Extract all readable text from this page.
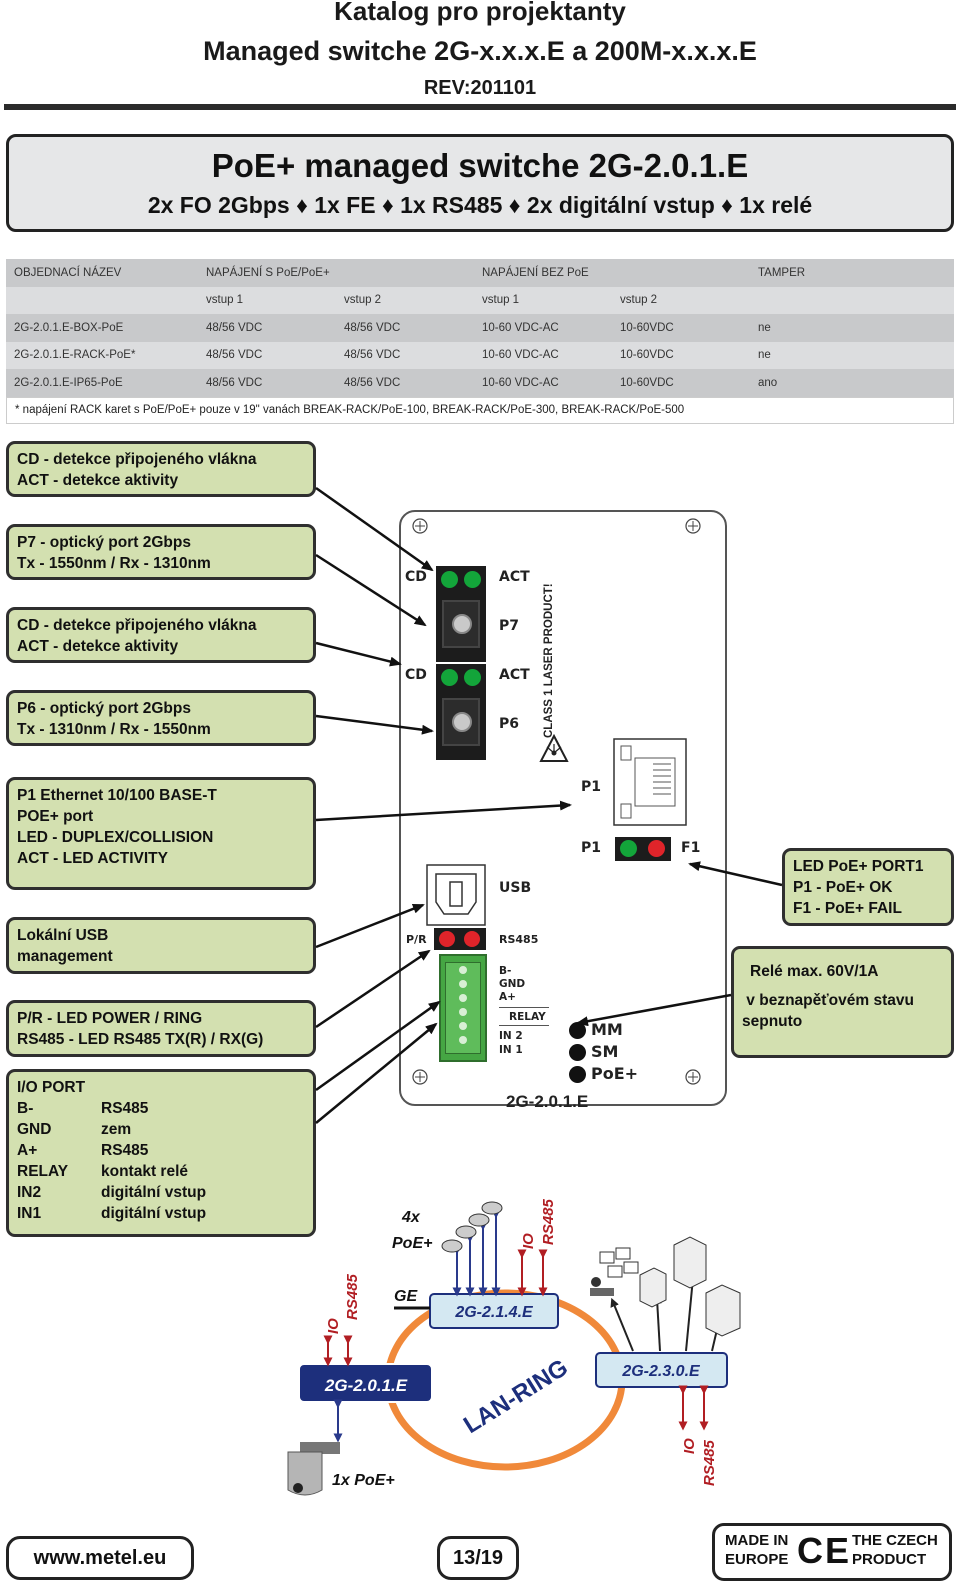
Katalog pro projektanty
Managed switche 2G-x.x.x.E a 200M-x.x.x.E
REV:201101
PoE+ managed switche 2G-2.0.1.E
2x FO 2Gbps ♦ 1x FE ♦ 1x RS485 ♦ 2x digitální vstup ♦ 1x relé
OBJEDNACÍ NÁZEV	NAPÁJENÍ S PoE/PoE+		NAPÁJENÍ BEZ PoE		TAMPER
	vstup 1	vstup 2	vstup 1	vstup 2	
2G-2.0.1.E-BOX-PoE	48/56 VDC	48/56 VDC	10-60 VDC-AC	10-60VDC	ne
2G-2.0.1.E-RACK-PoE*	48/56 VDC	48/56 VDC	10-60 VDC-AC	10-60VDC	ne
2G-2.0.1.E-IP65-PoE	48/56 VDC	48/56 VDC	10-60 VDC-AC	10-60VDC	ano
* napájení RACK karet s PoE/PoE+ pouze v 19" vanách BREAK-RACK/PoE-100, BREAK-RACK/PoE-300, BREAK-RACK/PoE-500
CD - detekce připojeného vlákna
ACT - detekce aktivity
P7 - optický port 2Gbps
Tx - 1550nm / Rx - 1310nm
CD - detekce připojeného vlákna
ACT - detekce aktivity
P6 - optický port 2Gbps
Tx - 1310nm / Rx - 1550nm
P1 Ethernet 10/100 BASE-T
POE+ port
LED - DUPLEX/COLLISION
ACT - LED ACTIVITY
Lokální USB
management
P/R - LED POWER / RING
RS485 - LED RS485 TX(R) / RX(G)
I/O PORT
B-	RS485
GND	zem
A+	RS485
RELAY kontakt relé
IN2	digitální vstup
IN1	digitální vstup
LED PoE+ PORT1
P1 - PoE+ OK
F1 - PoE+ FAIL
Relé max. 60V/1A
v beznapěťovém stavu
sepnuto
CD
CD
ACT
ACT
P7
P6 CLASS 1 LASER PRODUCT!
P1
P1	F1
USB
P/R	RS485
B-
GND
A+
RELAY
IN 2
IN 1
MM
SM
PoE+
2G-2.0.1.E
LAN-RING
2G-2.0.1.E
2G-2.1.4.E
2G-2.3.0.E
IO
RS485
1x PoE+
GE
IO RS485
4x
PoE+
IO RS485
www.metel.eu	13/19
MADE IN
EUROPE CE THE CZECH
PRODUCT
